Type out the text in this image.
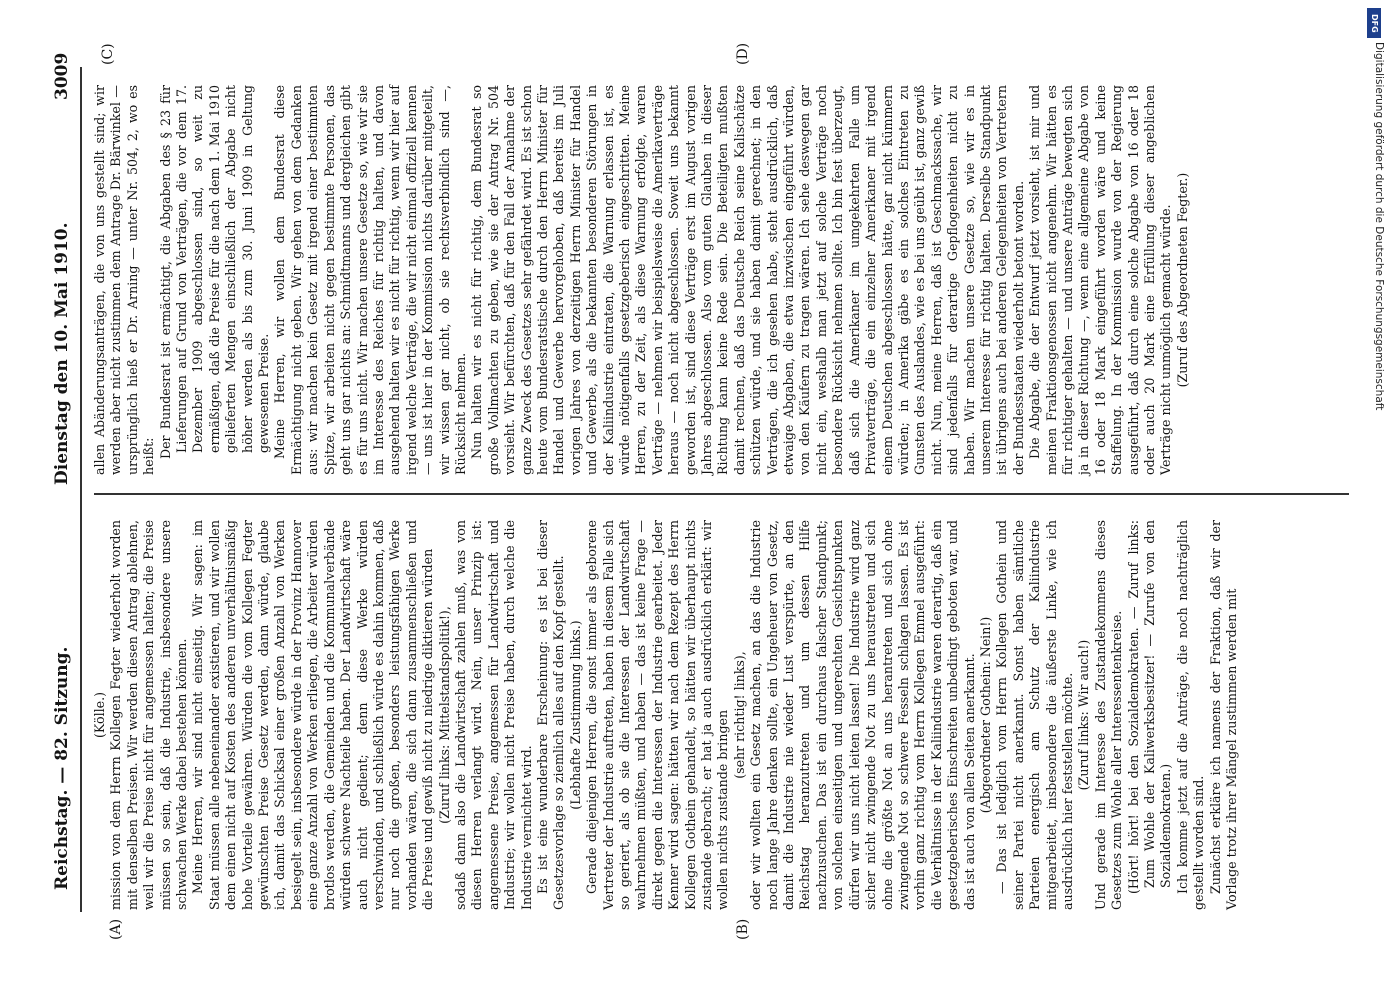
Reichstag. — 82. Sitzung.
Dienstag den 10. Mai 1910.
3009
(A)	(B)
(C)	(D)

(Kölle.) mission von dem Herrn Kollegen Fegter wiederholt worden mit denselben Preisen. Wir werden diesen Antrag ablehnen, weil wir die Preise nicht für angemessen halten; die Preise müssen so sein, daß die Industrie, insbesondere unsere schwachen Werke dabei bestehen können. Meine Herren, wir sind nicht einseitig. Wir sagen: im Staat müssen alle nebeneinander existieren, und wir wollen dem einen nicht auf Kosten des anderen unverhältnismäßig hohe Vorteile gewähren. Würden die vom Kollegen Fegter gewünschten Preise Gesetz werden, dann würde, glaube ich, damit das Schicksal einer großen Anzahl von Werken besiegelt sein, insbesondere würde in der Provinz Hannover eine ganze Anzahl von Werken erliegen, die Arbeiter würden brotlos werden, die Gemeinden und die Kommunalverbände würden schwere Nachteile haben. Der Landwirtschaft wäre auch nicht gedient; denn diese Werke würden verschwinden, und schließlich würde es dahin kommen, daß nur noch die großen, besonders leistungsfähigen Werke vorhanden wären, die sich dann zusammenschließen und die Preise und gewiß nicht zu niedrige diktieren würden (Zuruf links: Mittelstandspolitik!), sodaß dann also die Landwirtschaft zahlen muß, was von diesen Herren verlangt wird. Nein, unser Prinzip ist: angemessene Preise, angemessen für Landwirtschaft und Industrie; wir wollen nicht Preise haben, durch welche die Industrie vernichtet wird. Es ist eine wunderbare Erscheinung: es ist bei dieser Gesetzesvorlage so ziemlich alles auf den Kopf gestellt. (Lebhafte Zustimmung links.) Gerade diejenigen Herren, die sonst immer als geborene Vertreter der Industrie auftreten, haben in diesem Falle sich so geriert, als ob sie die Interessen der Landwirtschaft wahrnehmen müßten, und haben — das ist keine Frage — direkt gegen die Interessen der Industrie gearbeitet. Jeder Kenner wird sagen: hätten wir nach dem Rezept des Herrn Kollegen Gothein gehandelt, so hätten wir überhaupt nichts zustande gebracht; er hat ja auch ausdrücklich erklärt: wir wollen nichts zustande bringen (sehr richtig! links), oder wir wollten ein Gesetz machen, an das die Industrie noch lange Jahre denken sollte, ein Ungeheuer von Gesetz, damit die Industrie nie wieder Lust verspürte, an den Reichstag heranzutreten und um dessen Hilfe nachzusuchen. Das ist ein durchaus falscher Standpunkt; von solchen einseitigen und ungerechten Gesichtspunkten dürfen wir uns nicht leiten lassen! Die Industrie wird ganz sicher nicht zwingende Not zu uns heraustreten und sich ohne die größte Not an uns herantreten und sich ohne zwingende Not so schwere Fesseln schlagen lassen. Es ist vorhin ganz richtig vom Herrn Kollegen Emmel ausgeführt: die Verhältnisse in der Kaliindustrie waren derartig, daß ein gesetzgeberisches Einschreiten unbedingt geboten war, und das ist auch von allen Seiten anerkannt. (Abgeordneter Gothein: Nein!) — Das ist lediglich vom Herrn Kollegen Gothein und seiner Partei nicht anerkannt. Sonst haben sämtliche Parteien energisch am Schutz der Kaliindustrie mitgearbeitet, insbesondere die äußerste Linke, wie ich ausdrücklich hier feststellen möchte. (Zuruf links: Wir auch!) Und gerade im Interesse des Zustandekommens dieses Gesetzes zum Wohle aller Interessentenkreise. (Hört! hört! bei den Sozialdemokraten. — Zuruf links: Zum Wohle der Kaliwerksbesitzer! — Zurufe von den Sozialdemokraten.) Ich komme jetzt auf die Anträge, die noch nachträglich gestellt worden sind. Zunächst erkläre ich namens der Fraktion, daß wir der Vorlage trotz ihrer Mängel zustimmen werden mit

allen Abänderungsanträgen, die von uns gestellt sind; wir werden aber nicht zustimmen dem Antrage Dr. Bärwinkel — ursprünglich hieß er Dr. Arning — unter Nr. 504, 2, wo es heißt: Der Bundesrat ist ermächtigt, die Abgaben des § 23 für Lieferungen auf Grund von Verträgen, die vor dem 17. Dezember 1909 abgeschlossen sind, so weit zu ermäßigen, daß die Preise für die nach dem 1. Mai 1910 gelieferten Mengen einschließlich der Abgabe nicht höher werden als bis zum 30. Juni 1909 in Geltung gewesenen Preise. Meine Herren, wir wollen dem Bundesrat diese Ermächtigung nicht geben. Wir gehen von dem Gedanken aus: wir machen kein Gesetz mit irgend einer bestimmten Spitze, wir arbeiten nicht gegen bestimmte Personen, das geht uns gar nichts an: Schmidtmanns und dergleichen gibt es für uns nicht. Wir machen unsere Gesetze so, wie wir sie im Interesse des Reiches für richtig halten, und davon ausgehend halten wir es nicht für richtig, wenn wir hier auf irgend welche Verträge, die wir nicht einmal offiziell kennen — uns ist hier in der Kommission nichts darüber mitgeteilt, wir wissen gar nicht, ob sie rechtsverbindlich sind —, Rücksicht nehmen. Nun halten wir es nicht für richtig, dem Bundesrat so große Vollmachten zu geben, wie sie der Antrag Nr. 504 vorsieht. Wir befürchten, daß für den Fall der Annahme der ganze Zweck des Gesetzes sehr gefährdet wird. Es ist schon heute vom Bundesratstische durch den Herrn Minister für Handel und Gewerbe hervorgehoben, daß bereits im Juli vorigen Jahres von derzeitigen Herrn Minister für Handel und Gewerbe, als die bekannten besonderen Störungen in der Kaliindustrie eintraten, die Warnung erlassen ist, es würde nötigenfalls gesetzgeberisch eingeschritten. Meine Herren, zu der Zeit, als diese Warnung erfolgte, waren Verträge — nehmen wir beispielsweise die Amerikaverträge heraus — noch nicht abgeschlossen. Soweit uns bekannt geworden ist, sind diese Verträge erst im August vorigen Jahres abgeschlossen. Also vom guten Glauben in dieser Richtung kann keine Rede sein. Die Beteiligten mußten damit rechnen, daß das Deutsche Reich seine Kalischätze schützen würde, und sie haben damit gerechnet; in den Verträgen, die ich gesehen habe, steht ausdrücklich, daß etwaige Abgaben, die etwa inzwischen eingeführt würden, von den Käufern zu tragen wären. Ich sehe deswegen gar nicht ein, weshalb man jetzt auf solche Verträge noch besondere Rücksicht nehmen sollte. Ich bin fest überzeugt, daß sich die Amerikaner im umgekehrten Falle um Privatverträge, die ein einzelner Amerikaner mit irgend einem Deutschen abgeschlossen hätte, gar nicht kümmern würden; in Amerika gäbe es ein solches Eintreten zu Gunsten des Auslandes, wie es bei uns geübt ist, ganz gewiß nicht. Nun, meine Herren, daß ist Geschmackssache, wir sind jedenfalls für derartige Gepflogenheiten nicht zu haben. Wir machen unsere Gesetze so, wie wir es in unserem Interesse für richtig halten. Derselbe Standpunkt ist übrigens auch bei anderen Gelegenheiten von Vertretern der Bundesstaaten wiederholt betont worden. Die Abgabe, die der Entwurf jetzt vorsieht, ist mir und meinen Fraktionsgenossen nicht angenehm. Wir hätten es für richtiger gehalten — und unsere Anträge bewegten sich ja in dieser Richtung —, wenn eine allgemeine Abgabe von 16 oder 18 Mark eingeführt worden wäre und keine Staffelung. In der Kommission wurde von der Regierung ausgeführt, daß durch eine solche Abgabe von 16 oder 18 oder auch 20 Mark eine Erfüllung dieser angeblichen Verträge nicht unmöglich gemacht würde. (Zuruf des Abgeordneten Fegter.)

DFG
Digitalisierung gefördert durch die Deutsche Forschungsgemeinschaft
